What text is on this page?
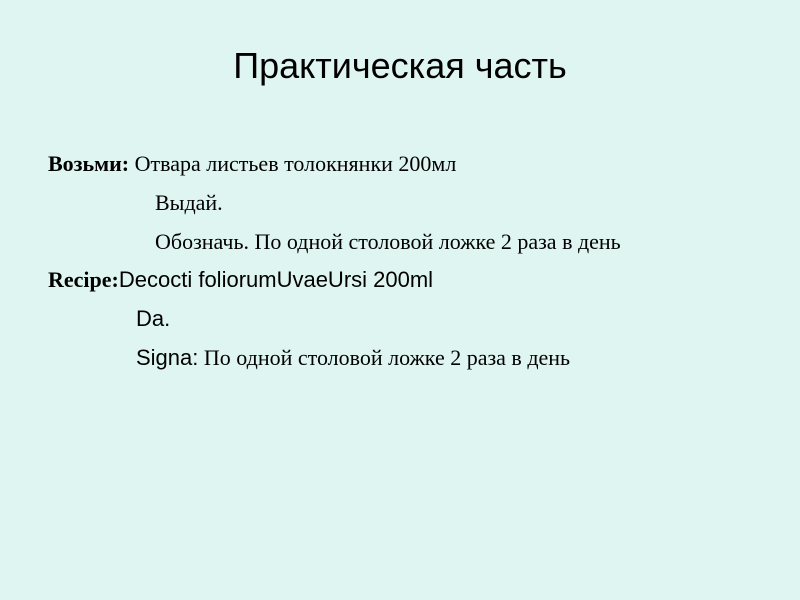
Практическая часть
Возьми: Отвара листьев толокнянки 200мл
Выдай.
Обозначь. По одной столовой ложке 2 раза в день
Recipe:Decocti foliorumUvaeUrsi 200ml
Da.
Signa: По одной столовой ложке 2 раза в день
